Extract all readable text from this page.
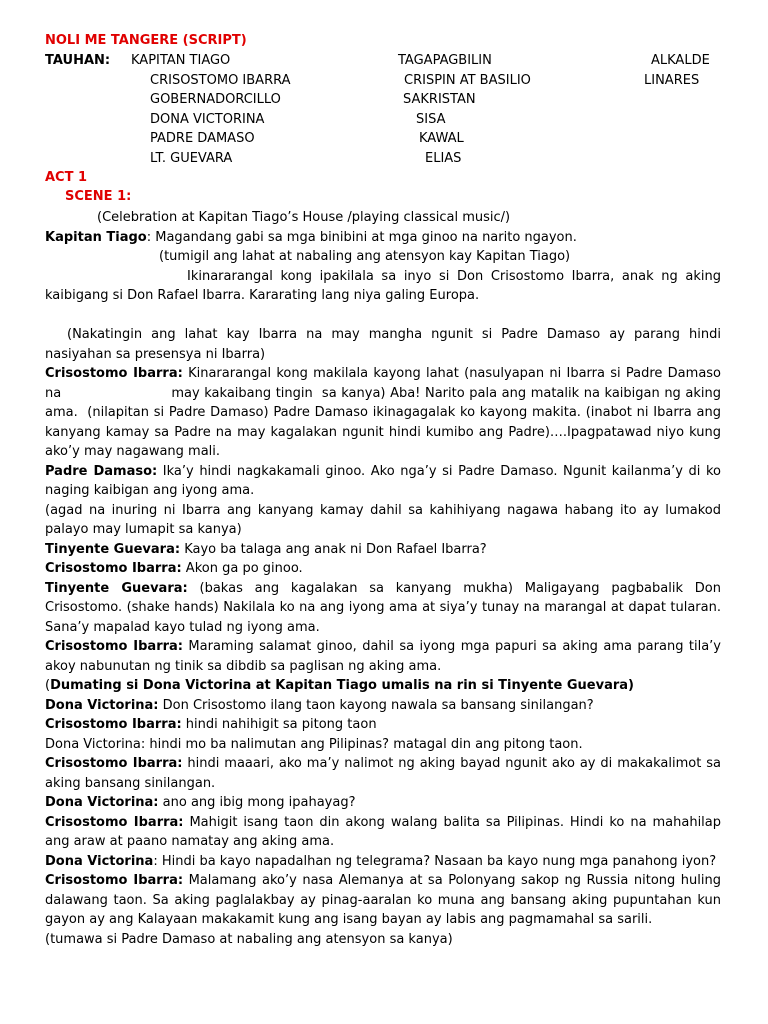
NOLI ME TANGERE (SCRIPT)
TAUHAN: KAPITAN TIAGO	TAGAPAGBILIN	ALKALDE
CRISOSTOMO IBARRA	CRISPIN AT BASILIO	LINARES
GOBERNADORCILLO	SAKRISTAN
DONA VICTORINA	SISA
PADRE DAMASO	KAWAL
LT. GUEVARA	ELIAS
ACT 1
SCENE 1:

(Celebration at Kapitan Tiago’s House /playing classical music/)

Kapitan Tiago: Magandang gabi sa mga binibini at mga ginoo na narito ngayon.

(tumigil ang lahat at nabaling ang atensyon kay Kapitan Tiago)

Ikinararangal kong ipakilala sa inyo si Don Crisostomo Ibarra, anak ng aking kaibigang si Don Rafael Ibarra. Kararating lang niya galing Europa.

(Nakatingin ang lahat kay Ibarra na may mangha ngunit si Padre Damaso ay parang hindi nasiyahan sa presensya ni Ibarra)

Crisostomo Ibarra: Kinararangal kong makilala kayong lahat (nasulyapan ni Ibarra si Padre Damaso na                        may kakaibang tingin  sa kanya) Aba! Narito pala ang matalik na kaibigan ng aking ama.  (nilapitan si Padre Damaso) Padre Damaso ikinagagalak ko kayong makita. (inabot ni Ibarra ang kanyang kamay sa Padre na may kagalakan ngunit hindi kumibo ang Padre)….Ipagpatawad niyo kung ako’y may nagawang mali.

Padre Damaso: Ika’y hindi nagkakamali ginoo. Ako nga’y si Padre Damaso. Ngunit kailanma’y di ko naging kaibigan ang iyong ama.

(agad na inuring ni Ibarra ang kanyang kamay dahil sa kahihiyang nagawa habang ito ay lumakod palayo may lumapit sa kanya)

Tinyente Guevara: Kayo ba talaga ang anak ni Don Rafael Ibarra?

Crisostomo Ibarra: Akon ga po ginoo.

Tinyente Guevara: (bakas ang kagalakan sa kanyang mukha) Maligayang pagbabalik Don Crisostomo. (shake hands) Nakilala ko na ang iyong ama at siya’y tunay na marangal at dapat tularan. Sana’y mapalad kayo tulad ng iyong ama.

Crisostomo Ibarra: Maraming salamat ginoo, dahil sa iyong mga papuri sa aking ama parang tila’y akoy nabunutan ng tinik sa dibdib sa paglisan ng aking ama.

(Dumating si Dona Victorina at Kapitan Tiago umalis na rin si Tinyente Guevara)

Dona Victorina: Don Crisostomo ilang taon kayong nawala sa bansang sinilangan?

Crisostomo Ibarra: hindi nahihigit sa pitong taon

Dona Victorina: hindi mo ba nalimutan ang Pilipinas? matagal din ang pitong taon.

Crisostomo Ibarra: hindi maaari, ako ma’y nalimot ng aking bayad ngunit ako ay di makakalimot sa aking bansang sinilangan.

Dona Victorina: ano ang ibig mong ipahayag?

Crisostomo Ibarra: Mahigit isang taon din akong walang balita sa Pilipinas. Hindi ko na mahahilap ang araw at paano namatay ang aking ama.

Dona Victorina: Hindi ba kayo napadalhan ng telegrama? Nasaan ba kayo nung mga panahong iyon?

Crisostomo Ibarra: Malamang ako’y nasa Alemanya at sa Polonyang sakop ng Russia nitong huling dalawang taon. Sa aking paglalakbay ay pinag-aaralan ko muna ang bansang aking pupuntahan kun gayon ay ang Kalayaan makakamit kung ang isang bayan ay labis ang pagmamahal sa sarili.

(tumawa si Padre Damaso at nabaling ang atensyon sa kanya)
